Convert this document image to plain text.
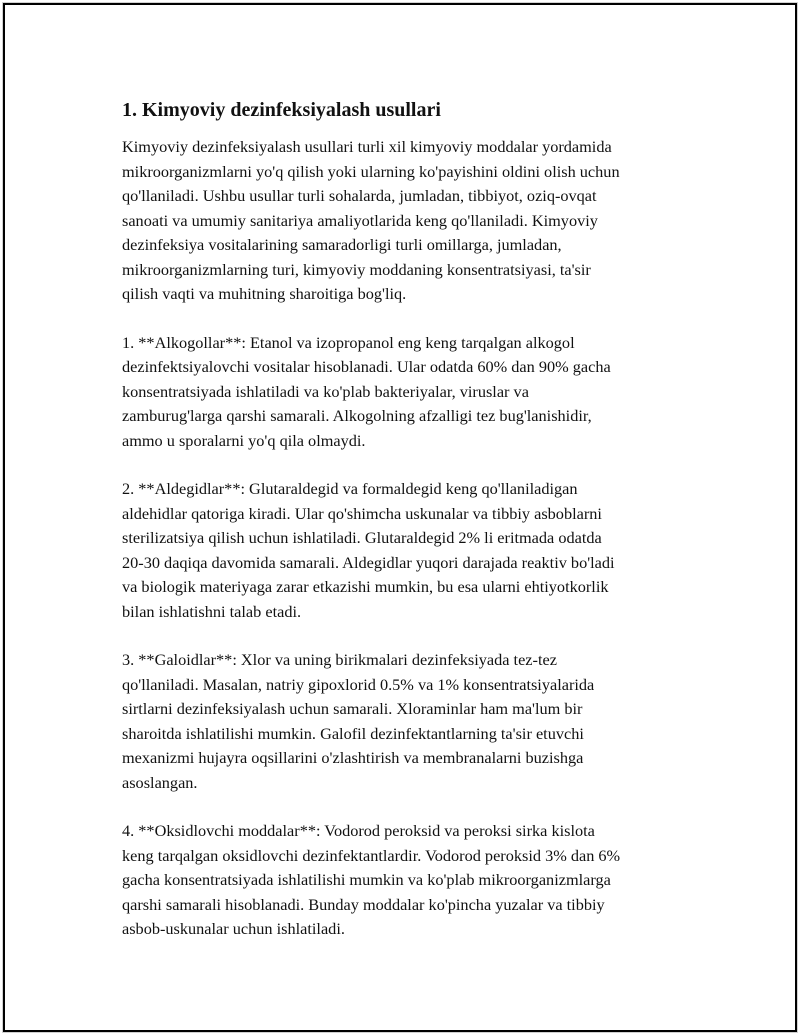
1. Kimyoviy dezinfeksiyalash usullari

Kimyoviy dezinfeksiyalash usullari turli xil kimyoviy moddalar yordamida
mikroorganizmlarni yo'q qilish yoki ularning ko'payishini oldini olish uchun
qo'llaniladi. Ushbu usullar turli sohalarda, jumladan, tibbiyot, oziq-ovqat
sanoati va umumiy sanitariya amaliyotlarida keng qo'llaniladi. Kimyoviy
dezinfeksiya vositalarining samaradorligi turli omillarga, jumladan,
mikroorganizmlarning turi, kimyoviy moddaning konsentratsiyasi, ta'sir
qilish vaqti va muhitning sharoitiga bog'liq.

1. **Alkogollar**: Etanol va izopropanol eng keng tarqalgan alkogol
dezinfektsiyalovchi vositalar hisoblanadi. Ular odatda 60% dan 90% gacha
konsentratsiyada ishlatiladi va ko'plab bakteriyalar, viruslar va
zamburug'larga qarshi samarali. Alkogolning afzalligi tez bug'lanishidir,
ammo u sporalarni yo'q qila olmaydi.

2. **Aldegidlar**: Glutaraldegid va formaldegid keng qo'llaniladigan
aldehidlar qatoriga kiradi. Ular qo'shimcha uskunalar va tibbiy asboblarni
sterilizatsiya qilish uchun ishlatiladi. Glutaraldegid 2% li eritmada odatda
20-30 daqiqa davomida samarali. Aldegidlar yuqori darajada reaktiv bo'ladi
va biologik materiyaga zarar etkazishi mumkin, bu esa ularni ehtiyotkorlik
bilan ishlatishni talab etadi.

3. **Galoidlar**: Xlor va uning birikmalari dezinfeksiyada tez-tez
qo'llaniladi. Masalan, natriy gipoxlorid 0.5% va 1% konsentratsiyalarida
sirtlarni dezinfeksiyalash uchun samarali. Xloraminlar ham ma'lum bir
sharoitda ishlatilishi mumkin. Galofil dezinfektantlarning ta'sir etuvchi
mexanizmi hujayra oqsillarini o'zlashtirish va membranalarni buzishga
asoslangan.

4. **Oksidlovchi moddalar**: Vodorod peroksid va peroksi sirka kislota
keng tarqalgan oksidlovchi dezinfektantlardir. Vodorod peroksid 3% dan 6%
gacha konsentratsiyada ishlatilishi mumkin va ko'plab mikroorganizmlarga
qarshi samarali hisoblanadi. Bunday moddalar ko'pincha yuzalar va tibbiy
asbob-uskunalar uchun ishlatiladi.
